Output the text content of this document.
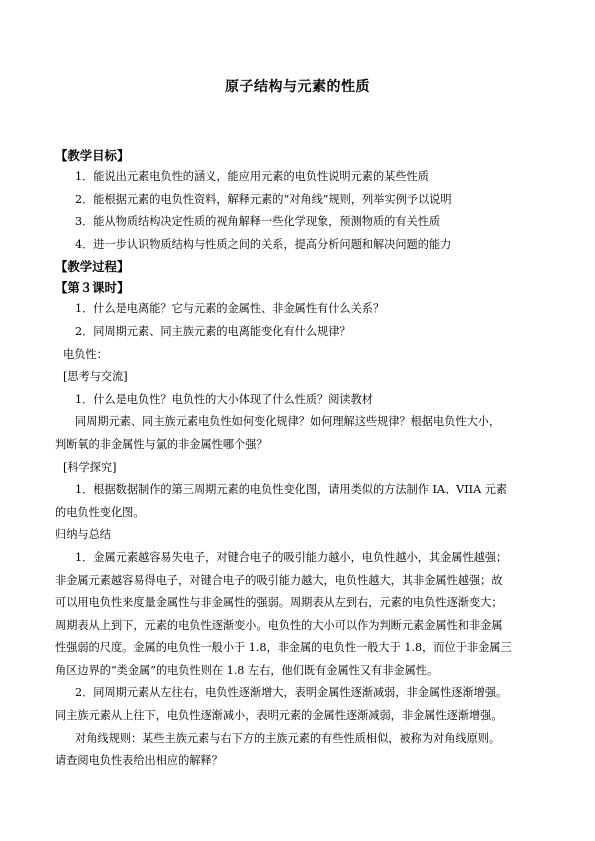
原子结构与元素的性质
【教学目标】
1．能说出元素电负性的涵义，能应用元素的电负性说明元素的某些性质
2．能根据元素的电负性资料，解释元素的“对角线”规则，列举实例予以说明
3．能从物质结构决定性质的视角解释一些化学现象，预测物质的有关性质
4．进一步认识物质结构与性质之间的关系，提高分析问题和解决问题的能力
【教学过程】
【第３课时】
1．什么是电离能？它与元素的金属性、非金属性有什么关系？
2．同周期元素、同主族元素的电离能变化有什么规律？
电负性：
[思考与交流]
1．什么是电负性？电负性的大小体现了什么性质？阅读教材
同周期元素、同主族元素电负性如何变化规律？如何理解这些规律？根据电负性大小，
判断氧的非金属性与氯的非金属性哪个强？
[科学探究]
1．根据数据制作的第三周期元素的电负性变化图，请用类似的方法制作 IA、VIIA 元素
的电负性变化图。
归纳与总结
1．金属元素越容易失电子，对键合电子的吸引能力越小，电负性越小，其金属性越强；
非金属元素越容易得电子，对键合电子的吸引能力越大，电负性越大，其非金属性越强；故
可以用电负性来度量金属性与非金属性的强弱。周期表从左到右，元素的电负性逐渐变大；
周期表从上到下，元素的电负性逐渐变小。电负性的大小可以作为判断元素金属性和非金属
性强弱的尺度。金属的电负性一般小于 1.8，非金属的电负性一般大于 1.8，而位于非金属三
角区边界的“类金属”的电负性则在 1.8 左右，他们既有金属性又有非金属性。
2．同周期元素从左往右，电负性逐渐增大，表明金属性逐渐减弱，非金属性逐渐增强。
同主族元素从上往下，电负性逐渐减小，表明元素的金属性逐渐减弱，非金属性逐渐增强。
对角线规则：某些主族元素与右下方的主族元素的有些性质相似，被称为对角线原则。
请查阅电负性表给出相应的解释？
